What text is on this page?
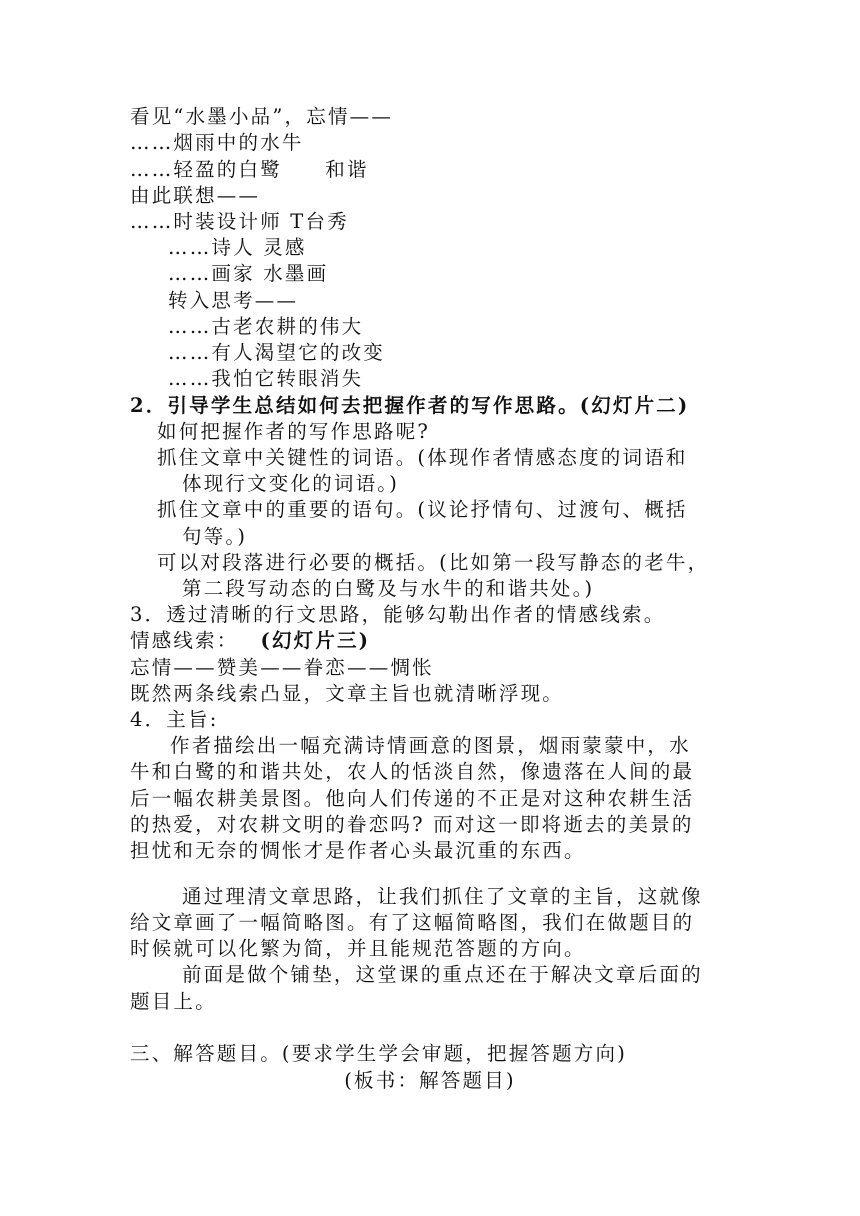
看见“水墨小品”，忘情——
……烟雨中的水牛
……轻盈的白鹭　　和谐
由此联想——
……时装设计师 T台秀
……诗人 灵感
……画家 水墨画
转入思考——
……古老农耕的伟大
……有人渴望它的改变
……我怕它转眼消失
2．引导学生总结如何去把握作者的写作思路。(幻灯片二)
如何把握作者的写作思路呢?
抓住文章中关键性的词语。(体现作者情感态度的词语和
体现行文变化的词语。)
抓住文章中的重要的语句。(议论抒情句、过渡句、概括
句等。)
可以对段落进行必要的概括。(比如第一段写静态的老牛，
第二段写动态的白鹭及与水牛的和谐共处。)
3．透过清晰的行文思路，能够勾勒出作者的情感线索。
情感线索： (幻灯片三)
忘情——赞美——眷恋——惆怅
既然两条线索凸显，文章主旨也就清晰浮现。
4．主旨:
作者描绘出一幅充满诗情画意的图景，烟雨蒙蒙中，水
牛和白鹭的和谐共处，农人的恬淡自然，像遗落在人间的最
后一幅农耕美景图。他向人们传递的不正是对这种农耕生活
的热爱，对农耕文明的眷恋吗? 而对这一即将逝去的美景的
担忧和无奈的惆怅才是作者心头最沉重的东西。
通过理清文章思路，让我们抓住了文章的主旨，这就像
给文章画了一幅简略图。有了这幅简略图，我们在做题目的
时候就可以化繁为简，并且能规范答题的方向。
前面是做个铺垫，这堂课的重点还在于解决文章后面的
题目上。
三、解答题目。(要求学生学会审题，把握答题方向)
(板书：解答题目)
